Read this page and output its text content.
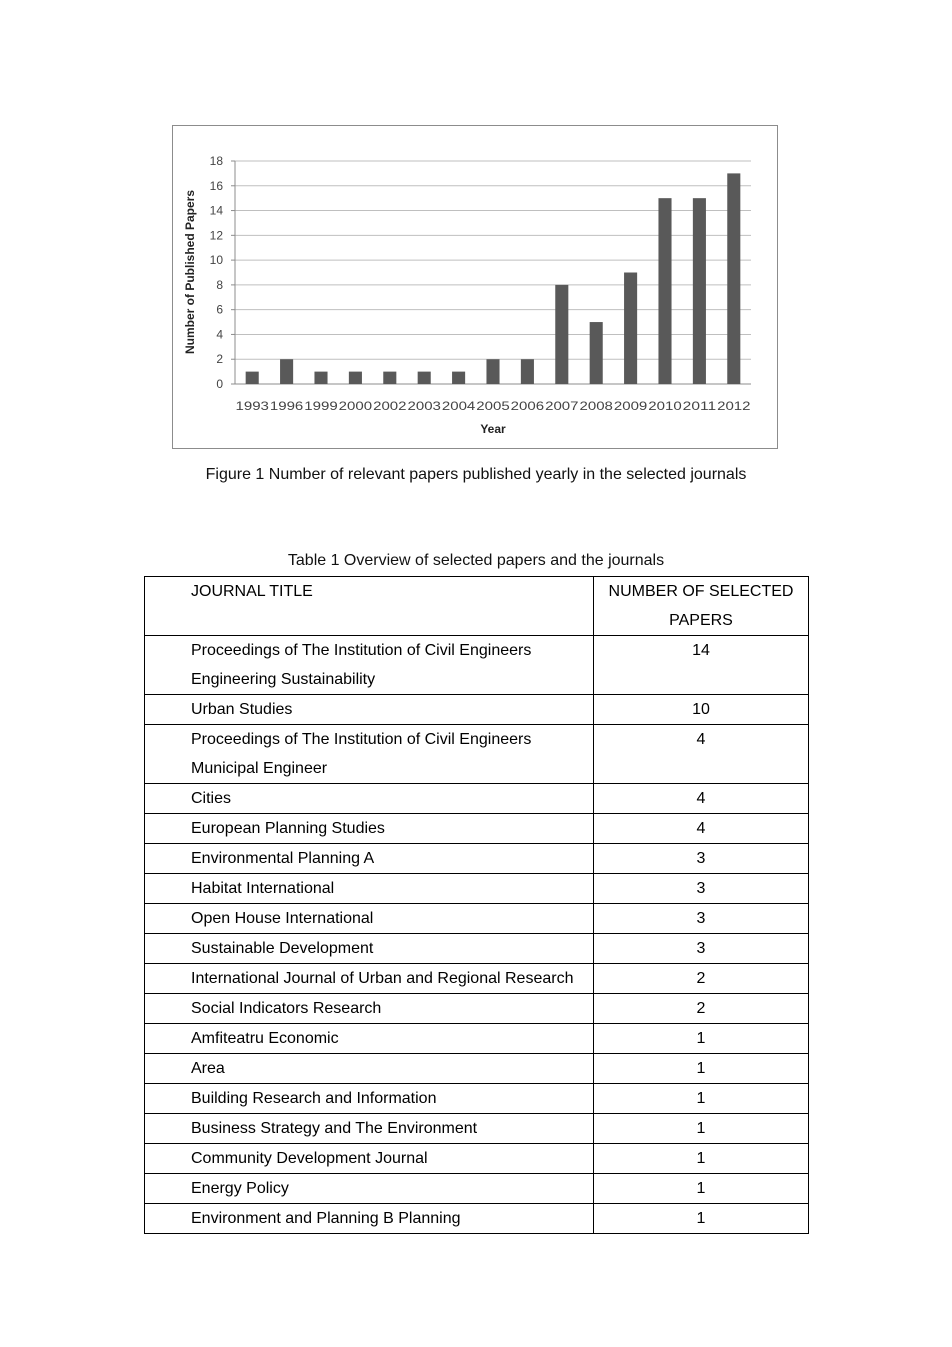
0
2
4
6
8
10
12
14
16
18
1993 1996 1999 2000 2002 2003 2004 2005 2006 2007 2008 2009 2010 2011 2012
Year
Number of Published Papers
Figure 1 Number of relevant papers published yearly in the selected journals
Table 1 Overview of selected papers and the journals
JOURNAL TITLE	NUMBER OF SELECTED PAPERS
Proceedings of The Institution of Civil Engineers Engineering Sustainability	14
Urban Studies	10
Proceedings of The Institution of Civil Engineers Municipal Engineer	4
Cities	4
European Planning Studies	4
Environmental Planning A	3
Habitat International	3
Open House International	3
Sustainable Development	3
International Journal of Urban and Regional Research	2
Social Indicators Research	2
Amfiteatru Economic	1
Area	1
Building Research and Information	1
Business Strategy and The Environment	1
Community Development Journal	1
Energy Policy	1
Environment and Planning B Planning	1
